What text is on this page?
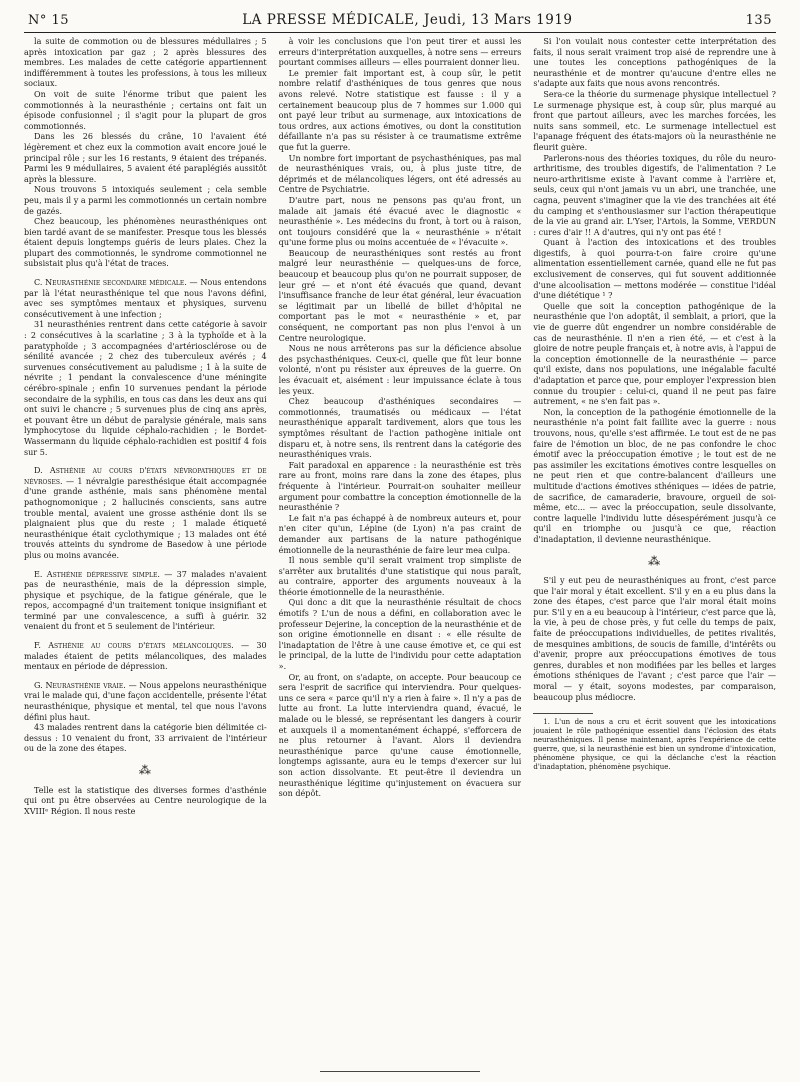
N° 15	LA PRESSE MÉDICALE, Jeudi, 13 Mars 1919	135

la suite de commotion ou de blessures médullaires ; 5 après intoxication par gaz ; 2 après blessures des membres. Les malades de cette catégorie appartiennent indifféremment à toutes les professions, à tous les milieux sociaux.

On voit de suite l'énorme tribut que paient les commotionnés à la neurasthénie ; certains ont fait un épisode confusionnel ; il s'agit pour la plupart de gros commotionnés.

Dans les 26 blessés du crâne, 10 l'avaient été légèrement et chez eux la commotion avait encore joué le principal rôle ; sur les 16 restants, 9 étaient des trépanés. Parmi les 9 médullaires, 5 avaient été paraplégiés aussitôt après la blessure.

Nous trouvons 5 intoxiqués seulement ; cela semble peu, mais il y a parmi les commotionnés un certain nombre de gazés.

Chez beaucoup, les phénomènes neurasthéniques ont bien tardé avant de se manifester. Presque tous les blessés étaient depuis longtemps guéris de leurs plaies. Chez la plupart des commotionnés, le syndrome commotionnel ne subsistait plus qu'à l'état de traces.

C. Neurasthénie secondaire médicale. — Nous entendons par là l'état neurasthénique tel que nous l'avons défini, avec ses symptômes mentaux et physiques, survenu consécutivement à une infection ;

31 neurasthénies rentrent dans cette catégorie à savoir : 2 consécutives à la scarlatine ; 3 à la typhoïde et à la paratyphoïde ; 3 accompagnées d'artériosclérose ou de sénilité avancée ; 2 chez des tuberculeux avérés ; 4 survenues consécutivement au paludisme ; 1 à la suite de névrite ; 1 pendant la convalescence d'une méningite cérébro-spinale ; enfin 10 survenues pendant la période secondaire de la syphilis, en tous cas dans les deux ans qui ont suivi le chancre ; 5 survenues plus de cinq ans après, et pouvant être un début de paralysie générale, mais sans lymphocytose du liquide céphalo-rachidien ; le Bordet-Wassermann du liquide céphalo-rachidien est positif 4 fois sur 5.

D. Asthénie au cours d'états névropathiques et de névroses. — 1 névralgie paresthésique était accompagnée d'une grande asthénie, mais sans phénomène mental pathognomonique ; 2 hallucinés conscients, sans autre trouble mental, avaient une grosse asthénie dont ils se plaignaient plus que du reste ; 1 malade étiqueté neurasthénique était cyclothymique ; 13 malades ont été trouvés atteints du syndrome de Basedow à une période plus ou moins avancée.

E. Asthénie dépressive simple. — 37 malades n'avaient pas de neurasthénie, mais de la dépression simple, physique et psychique, de la fatigue générale, que le repos, accompagné d'un traitement tonique insignifiant et terminé par une convalescence, a suffi à guérir. 32 venaient du front et 5 seulement de l'intérieur.

F. Asthénie au cours d'états mélancoliques. — 30 malades étaient de petits mélancoliques, des malades mentaux en période de dépression.

G. Neurasthénie vraie. — Nous appelons neurasthénique vrai le malade qui, d'une façon accidentelle, présente l'état neurasthénique, physique et mental, tel que nous l'avons défini plus haut.

43 malades rentrent dans la catégorie bien délimitée ci-dessus : 10 venaient du front, 33 arrivaient de l'intérieur ou de la zone des étapes.

⁂

Telle est la statistique des diverses formes d'asthénie qui ont pu être observées au Centre neurologique de la XVIIIᵉ Région. Il nous reste

à voir les conclusions que l'on peut tirer et aussi les erreurs d'interprétation auxquelles, à notre sens — erreurs pourtant commises ailleurs — elles pourraient donner lieu.

Le premier fait important est, à coup sûr, le petit nombre relatif d'asthéniques de tous genres que nous avons relevé. Notre statistique est fausse : il y a certainement beaucoup plus de 7 hommes sur 1.000 qui ont payé leur tribut au surmenage, aux intoxications de tous ordres, aux actions émotives, ou dont la constitution défaillante n'a pas su résister à ce traumatisme extrême que fut la guerre.

Un nombre fort important de psychasthéniques, pas mal de neurasthéniques vrais, ou, à plus juste titre, de déprimés et de mélancoliques légers, ont été adressés au Centre de Psychiatrie.

D'autre part, nous ne pensons pas qu'au front, un malade ait jamais été évacué avec le diagnostic « neurasthénie ». Les médecins du front, à tort ou à raison, ont toujours considéré que la « neurasthénie » n'était qu'une forme plus ou moins accentuée de « l'évacuite ».

Beaucoup de neurasthéniques sont restés au front malgré leur neurasthénie — quelques-uns de force, beaucoup et beaucoup plus qu'on ne pourrait supposer, de leur gré — et n'ont été évacués que quand, devant l'insuffisance franche de leur état général, leur évacuation se légitimait par un libellé de billet d'hôpital ne comportant pas le mot « neurasthénie » et, par conséquent, ne comportant pas non plus l'envoi à un Centre neurologique.

Nous ne nous arrêterons pas sur la déficience absolue des psychasthéniques. Ceux-ci, quelle que fût leur bonne volonté, n'ont pu résister aux épreuves de la guerre. On les évacuait et, aisément : leur impuissance éclate à tous les yeux.

Chez beaucoup d'asthéniques secondaires — commotionnés, traumatisés ou médicaux — l'état neurasthénique apparaît tardivement, alors que tous les symptômes résultant de l'action pathogène initiale ont disparu et, à notre sens, ils rentrent dans la catégorie des neurasthéniques vrais.

Fait paradoxal en apparence : la neurasthénie est très rare au front, moins rare dans la zone des étapes, plus fréquente à l'intérieur. Pourrait-on souhaiter meilleur argument pour combattre la conception émotionnelle de la neurasthénie ?

Le fait n'a pas échappé à de nombreux auteurs et, pour n'en citer qu'un, Lépine (de Lyon) n'a pas craint de demander aux partisans de la nature pathogénique émotionnelle de la neurasthénie de faire leur mea culpa.

Il nous semble qu'il serait vraiment trop simpliste de s'arrêter aux brutalités d'une statistique qui nous paraît, au contraire, apporter des arguments nouveaux à la théorie émotionnelle de la neurasthénie.

Qui donc a dit que la neurasthénie résultait de chocs émotifs ? L'un de nous a défini, en collaboration avec le professeur Dejerine, la conception de la neurasthénie et de son origine émotionnelle en disant : « elle résulte de l'inadaptation de l'être à une cause émotive et, ce qui est le principal, de la lutte de l'individu pour cette adaptation ».

Or, au front, on s'adapte, on accepte. Pour beaucoup ce sera l'esprit de sacrifice qui interviendra. Pour quelques-uns ce sera « parce qu'il n'y a rien à faire ». Il n'y a pas de lutte au front. La lutte interviendra quand, évacué, le malade ou le blessé, se représentant les dangers à courir et auxquels il a momentanément échappé, s'efforcera de ne plus retourner à l'avant. Alors il deviendra neurasthénique parce qu'une cause émotionnelle, longtemps agissante, aura eu le temps d'exercer sur lui son action dissolvante. Et peut-être il deviendra un neurasthénique légitime qu'injustement on évacuera sur son dépôt.

Si l'on voulait nous contester cette interprétation des faits, il nous serait vraiment trop aisé de reprendre une à une toutes les conceptions pathogéniques de la neurasthénie et de montrer qu'aucune d'entre elles ne s'adapte aux faits que nous avons rencontrés.

Sera-ce la théorie du surmenage physique intellectuel ? Le surmenage physique est, à coup sûr, plus marqué au front que partout ailleurs, avec les marches forcées, les nuits sans sommeil, etc. Le surmenage intellectuel est l'apanage fréquent des états-majors où la neurasthénie ne fleurit guère.

Parlerons-nous des théories toxiques, du rôle du neuro-arthritisme, des troubles digestifs, de l'alimentation ? Le neuro-arthritisme existe à l'avant comme à l'arrière et, seuls, ceux qui n'ont jamais vu un abri, une tranchée, une cagna, peuvent s'imaginer que la vie des tranchées ait été du camping et s'enthousiasmer sur l'action thérapeutique de la vie au grand air. L'Yser, l'Artois, la Somme, VERDUN : cures d'air !! A d'autres, qui n'y ont pas été !

Quant à l'action des intoxications et des troubles digestifs, à quoi pourra-t-on faire croire qu'une alimentation essentiellement carnée, quand elle ne fut pas exclusivement de conserves, qui fut souvent additionnée d'une alcoolisation — mettons modérée — constitue l'idéal d'une diététique ¹ ?

Quelle que soit la conception pathogénique de la neurasthénie que l'on adoptât, il semblait, a priori, que la vie de guerre dût engendrer un nombre considérable de cas de neurasthénie. Il n'en a rien été, — et c'est à la gloire de notre peuple français et, à notre avis, à l'appui de la conception émotionnelle de la neurasthénie — parce qu'il existe, dans nos populations, une inégalable faculté d'adaptation et parce que, pour employer l'expression bien connue du troupier : celui-ci, quand il ne peut pas faire autrement, « ne s'en fait pas ».

Non, la conception de la pathogénie émotionnelle de la neurasthénie n'a point fait faillite avec la guerre : nous trouvons, nous, qu'elle s'est affirmée. Le tout est de ne pas faire de l'émotion un bloc, de ne pas confondre le choc émotif avec la préoccupation émotive ; le tout est de ne pas assimiler les excitations émotives contre lesquelles on ne peut rien et que contre-balancent d'ailleurs une multitude d'actions émotives sthéniques — idées de patrie, de sacrifice, de camaraderie, bravoure, orgueil de soi-même, etc... — avec la préoccupation, seule dissolvante, contre laquelle l'individu lutte désespérément jusqu'à ce qu'il en triomphe ou jusqu'à ce que, réaction d'inadaptation, il devienne neurasthénique.

⁂

S'il y eut peu de neurasthéniques au front, c'est parce que l'air moral y était excellent. S'il y en a eu plus dans la zone des étapes, c'est parce que l'air moral était moins pur. S'il y en a eu beaucoup à l'intérieur, c'est parce que là, la vie, à peu de chose près, y fut celle du temps de paix, faite de préoccupations individuelles, de petites rivalités, de mesquines ambitions, de soucis de famille, d'intérêts ou d'avenir, propre aux préoccupations émotives de tous genres, durables et non modifiées par les belles et larges émotions sthéniques de l'avant ; c'est parce que l'air — moral — y était, soyons modestes, par comparaison, beaucoup plus médiocre.

1. L'un de nous a cru et écrit souvent que les intoxications jouaient le rôle pathogénique essentiel dans l'éclosion des états neurasthéniques. Il pense maintenant, après l'expérience de cette guerre, que, si la neurasthénie est bien un syndrome d'intoxication, phénomène physique, ce qui la déclanche c'est la réaction d'inadaptation, phénomène psychique.
